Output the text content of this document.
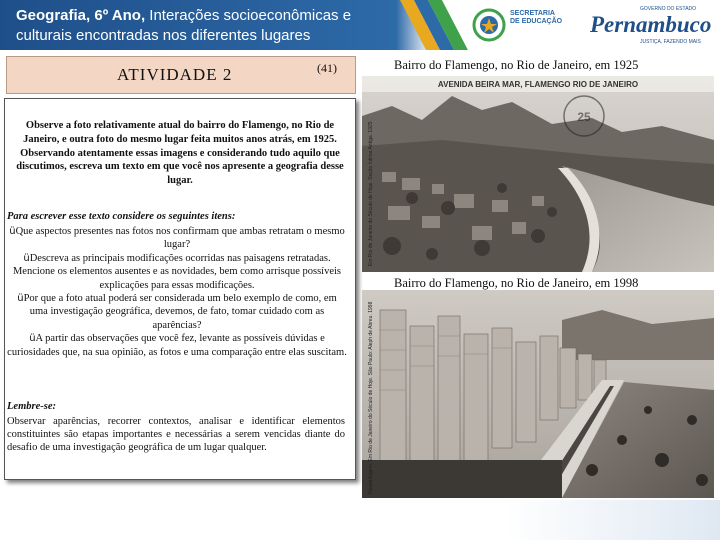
Geografia, 6º Ano, Interações socioeconômicas e culturais encontradas nos diferentes lugares
SECRETARIA
DE EDUCAÇÃO
GOVERNO DO ESTADO
Pernambuco
JUSTIÇA, FAZENDO MAIS
ATIVIDADE 2	(41)
Observe a foto relativamente atual do bairro do Flamengo, no Rio de Janeiro, e outra foto do mesmo lugar feita muitos anos atrás, em 1925. Observando atentamente essas imagens e considerando tudo aquilo que discutimos, escreva um texto em que você nos apresente a geografia desse lugar.
Para escrever esse texto considere os seguintes itens:
üQue aspectos presentes nas fotos nos confirmam que ambas retratam o mesmo lugar?
üDescreva as principais modificações ocorridas nas paisagens retratadas. Mencione os elementos ausentes e as novidades, bem como arrisque possíveis explicações para essas modificações.
üPor que a foto atual poderá ser considerada um belo exemplo de como, em uma investigação geográfica, devemos, de fato, tomar cuidado com as aparências?
üA partir das observações que você fez, levante as possíveis dúvidas e curiosidades que, na sua opinião, as fotos e uma comparação entre elas suscitam.
Lembre-se:
Observar aparências, recorrer contextos, analisar e identificar elementos constituintes são etapas importantes e necessárias a serem vencidas diante do desafio de uma investigação geográfica de um lugar qualquer.
Bairro do Flamengo, no Rio de Janeiro, em 1925
AVENIDA BEIRA MAR, FLAMENGO RIO DE JANEIRO
25
Em Rio de Janeiro do Século de Hoje. Seção Íntima Antiga. 1925
Bairro do Flamengo, no Rio de Janeiro, em 1998
Hospedagem. Em Rio de Janeiro do Século de Hoje. São Paulo: Aleph de Abreu. 1998
